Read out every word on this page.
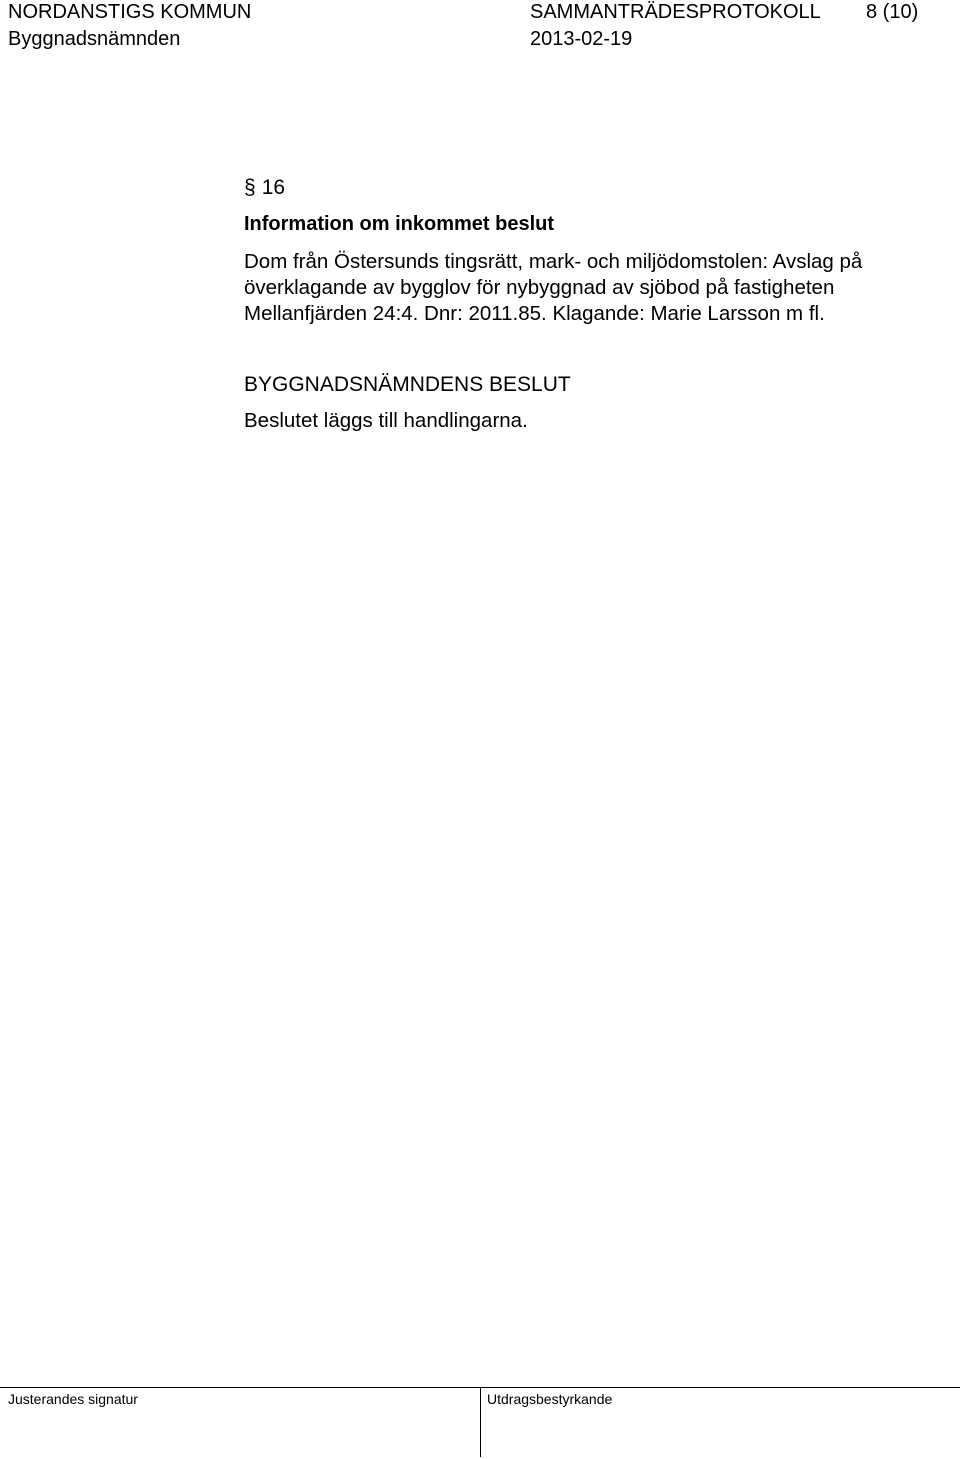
NORDANSTIGS KOMMUN
Byggnadsnämnden
SAMMANTRÄDESPROTOKOLL
2013-02-19
8 (10)
§ 16
Information om inkommet beslut
Dom från Östersunds tingsrätt, mark- och miljödomstolen: Avslag på
överklagande av bygglov för nybyggnad av sjöbod på fastigheten
Mellanfjärden 24:4. Dnr: 2011.85. Klagande: Marie Larsson m fl.
BYGGNADSNÄMNDENS BESLUT
Beslutet läggs till handlingarna.
Justerandes signatur	Utdragsbestyrkande
